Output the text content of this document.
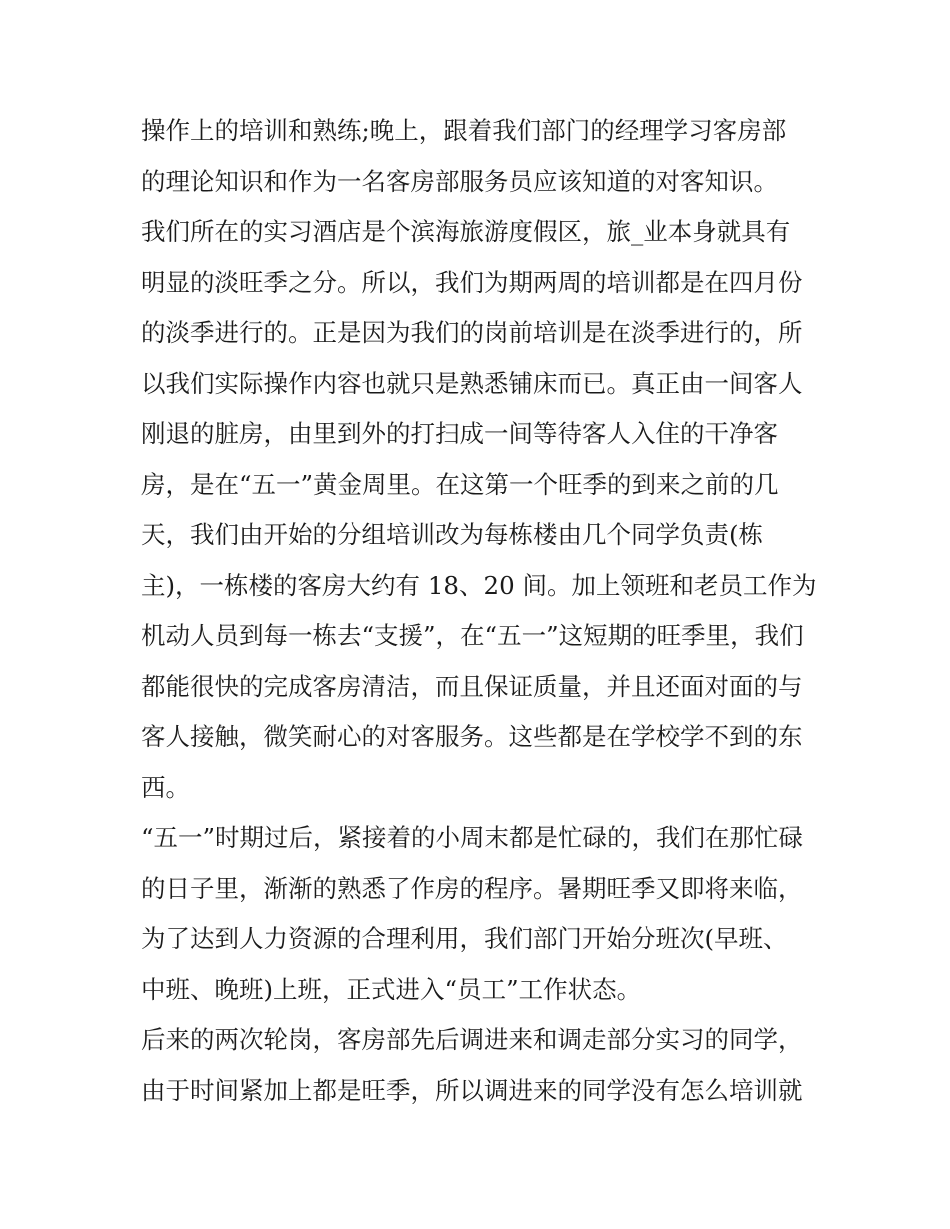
操作上的培训和熟练;晚上，跟着我们部门的经理学习客房部
的理论知识和作为一名客房部服务员应该知道的对客知识。
我们所在的实习酒店是个滨海旅游度假区，旅_业本身就具有
明显的淡旺季之分。所以，我们为期两周的培训都是在四月份
的淡季进行的。正是因为我们的岗前培训是在淡季进行的，所
以我们实际操作内容也就只是熟悉铺床而已。真正由一间客人
刚退的脏房，由里到外的打扫成一间等待客人入住的干净客
房，是在“五一”黄金周里。在这第一个旺季的到来之前的几
天，我们由开始的分组培训改为每栋楼由几个同学负责(栋
主)，一栋楼的客房大约有 18、20 间。加上领班和老员工作为
机动人员到每一栋去“支援”，在“五一”这短期的旺季里，我们
都能很快的完成客房清洁，而且保证质量，并且还面对面的与
客人接触，微笑耐心的对客服务。这些都是在学校学不到的东
西。
“五一”时期过后，紧接着的小周末都是忙碌的，我们在那忙碌
的日子里，渐渐的熟悉了作房的程序。暑期旺季又即将来临，
为了达到人力资源的合理利用，我们部门开始分班次(早班、
中班、晚班)上班，正式进入“员工”工作状态。
后来的两次轮岗，客房部先后调进来和调走部分实习的同学，
由于时间紧加上都是旺季，所以调进来的同学没有怎么培训就
